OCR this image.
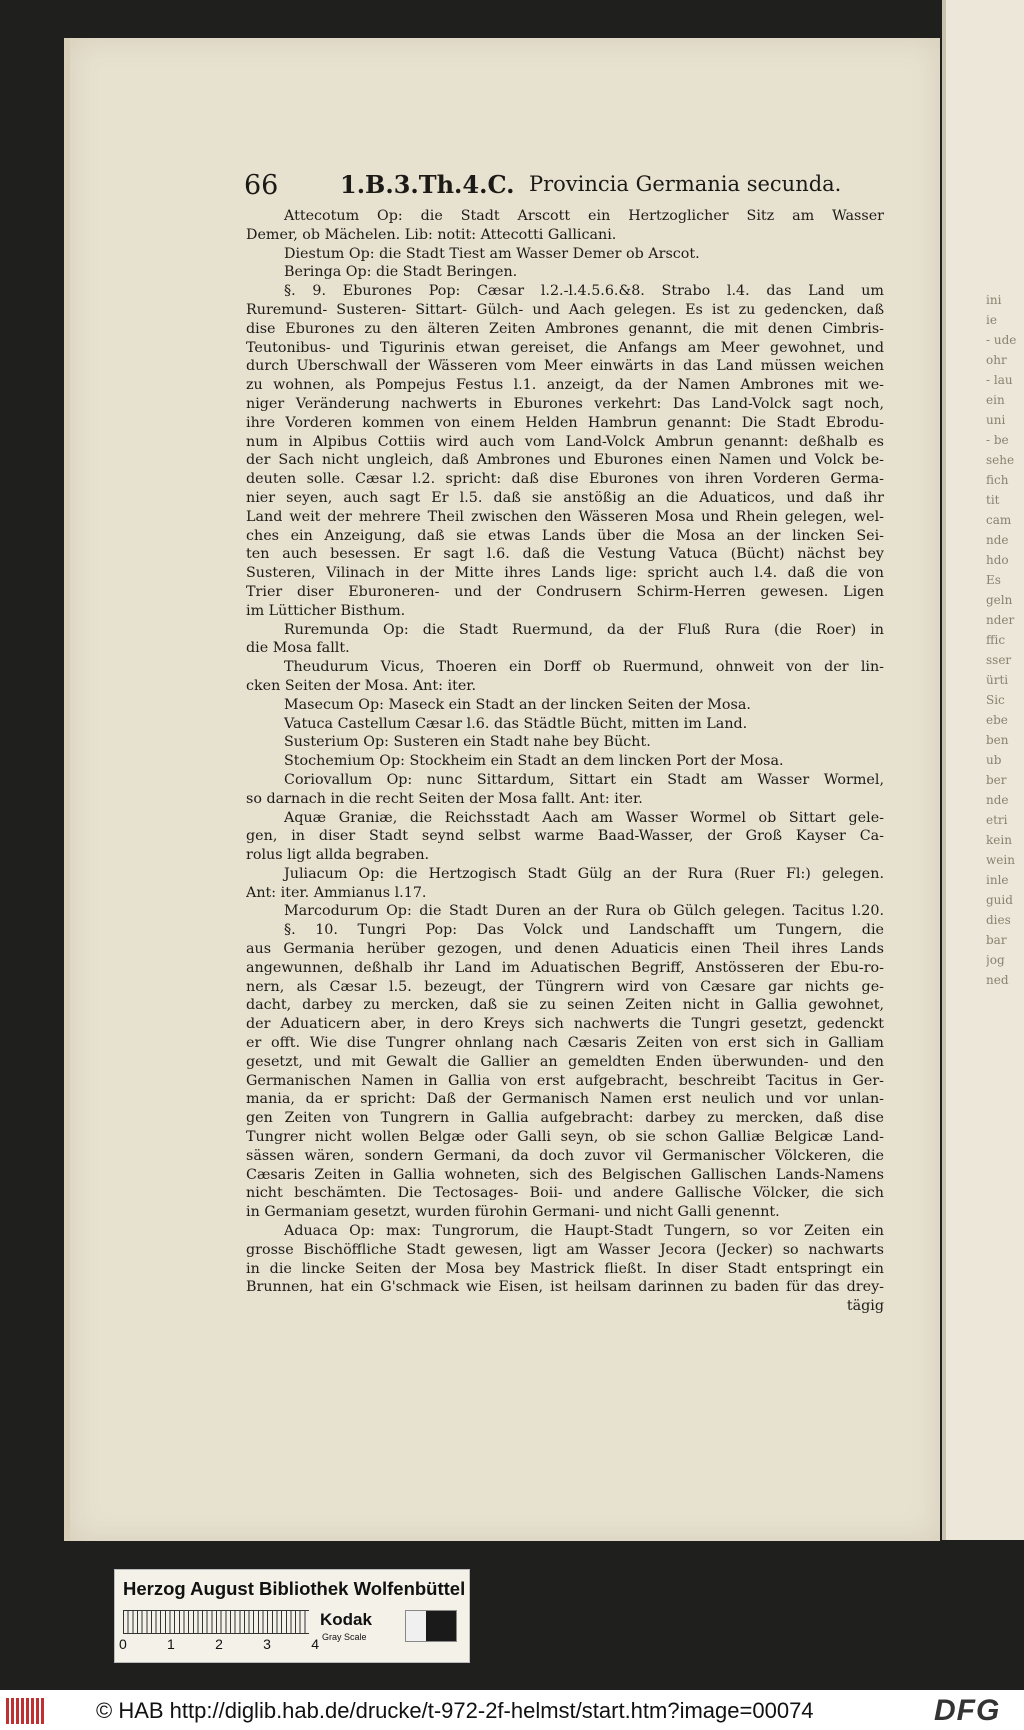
ini
ie
- ude
ohr
- lau
ein
uni
- be
sehe
fich
tit
cam
nde
hdo
Es
geln
nder
ffic
sser
ürti
Sic
ebe
ben
ub
ber
nde
etri
kein
wein
inle
guid
dies
bar
jog
ned
66	1.B.3.Th.4.C. Provincia Germania secunda.
Attecotum Op: die Stadt Arscott ein Hertzoglicher Sitz am Wasser
Demer, ob Mächelen. Lib: notit: Attecotti Gallicani.
Diestum Op: die Stadt Tiest am Wasser Demer ob Arscot.
Beringa Op: die Stadt Beringen.
§. 9. Eburones Pop: Cæsar l.2.-l.4.5.6.&8. Strabo l.4. das Land um
Ruremund- Susteren- Sittart- Gülch- und Aach gelegen. Es ist zu gedencken, daß
dise Eburones zu den älteren Zeiten Ambrones genannt, die mit denen Cimbris-
Teutonibus- und Tigurinis etwan gereiset, die Anfangs am Meer gewohnet, und
durch Uberschwall der Wässeren vom Meer einwärts in das Land müssen weichen
zu wohnen, als Pompejus Festus l.1. anzeigt, da der Namen Ambrones mit we-
niger Veränderung nachwerts in Eburones verkehrt: Das Land-Volck sagt noch,
ihre Vorderen kommen von einem Helden Hambrun genannt: Die Stadt Ebrodu-
num in Alpibus Cottiis wird auch vom Land-Volck Ambrun genannt: deßhalb es
der Sach nicht ungleich, daß Ambrones und Eburones einen Namen und Volck be-
deuten solle. Cæsar l.2. spricht: daß dise Eburones von ihren Vorderen Germa-
nier seyen, auch sagt Er l.5. daß sie anstößig an die Aduaticos, und daß ihr
Land weit der mehrere Theil zwischen den Wässeren Mosa und Rhein gelegen, wel-
ches ein Anzeigung, daß sie etwas Lands über die Mosa an der lincken Sei-
ten auch besessen. Er sagt l.6. daß die Vestung Vatuca (Bücht) nächst bey
Susteren, Vilinach in der Mitte ihres Lands lige: spricht auch l.4. daß die von
Trier diser Eburoneren- und der Condrusern Schirm-Herren gewesen. Ligen
im Lütticher Bisthum.
Ruremunda Op: die Stadt Ruermund, da der Fluß Rura (die Roer) in
die Mosa fallt.
Theudurum Vicus, Thoeren ein Dorff ob Ruermund, ohnweit von der lin-
cken Seiten der Mosa. Ant: iter.
Masecum Op: Maseck ein Stadt an der lincken Seiten der Mosa.
Vatuca Castellum Cæsar l.6. das Städtle Bücht, mitten im Land.
Susterium Op: Susteren ein Stadt nahe bey Bücht.
Stochemium Op: Stockheim ein Stadt an dem lincken Port der Mosa.
Coriovallum Op: nunc Sittardum, Sittart ein Stadt am Wasser Wormel,
so darnach in die recht Seiten der Mosa fallt. Ant: iter.
Aquæ Graniæ, die Reichsstadt Aach am Wasser Wormel ob Sittart gele-
gen, in diser Stadt seynd selbst warme Baad-Wasser, der Groß Kayser Ca-
rolus ligt allda begraben.
Juliacum Op: die Hertzogisch Stadt Gülg an der Rura (Ruer Fl:) gelegen.
Ant: iter. Ammianus l.17.
Marcodurum Op: die Stadt Duren an der Rura ob Gülch gelegen. Tacitus l.20.
§. 10. Tungri Pop: Das Volck und Landschafft um Tungern, die
aus Germania herüber gezogen, und denen Aduaticis einen Theil ihres Lands
angewunnen, deßhalb ihr Land im Aduatischen Begriff, Anstösseren der Ebu-ro-
nern, als Cæsar l.5. bezeugt, der Tüngrern wird von Cæsare gar nichts ge-
dacht, darbey zu mercken, daß sie zu seinen Zeiten nicht in Gallia gewohnet,
der Aduaticern aber, in dero Kreys sich nachwerts die Tungri gesetzt, gedenckt
er offt. Wie dise Tungrer ohnlang nach Cæsaris Zeiten von erst sich in Galliam
gesetzt, und mit Gewalt die Gallier an gemeldten Enden überwunden- und den
Germanischen Namen in Gallia von erst aufgebracht, beschreibt Tacitus in Ger-
mania, da er spricht: Daß der Germanisch Namen erst neulich und vor unlan-
gen Zeiten von Tungrern in Gallia aufgebracht: darbey zu mercken, daß dise
Tungrer nicht wollen Belgæ oder Galli seyn, ob sie schon Galliæ Belgicæ Land-
sässen wären, sondern Germani, da doch zuvor vil Germanischer Völckeren, die
Cæsaris Zeiten in Gallia wohneten, sich des Belgischen Gallischen Lands-Namens
nicht beschämten. Die Tectosages- Boii- und andere Gallische Völcker, die sich
in Germaniam gesetzt, wurden fürohin Germani- und nicht Galli genennt.
Aduaca Op: max: Tungrorum, die Haupt-Stadt Tungern, so vor Zeiten ein
grosse Bischöffliche Stadt gewesen, ligt am Wasser Jecora (Jecker) so nachwarts
in die lincke Seiten der Mosa bey Mastrick fließt. In diser Stadt entspringt ein
Brunnen, hat ein G'schmack wie Eisen, ist heilsam darinnen zu baden für das drey-
tägig
Herzog August Bibliothek Wolfenbüttel
0	1	2	3	4
Kodak
Gray Scale
© HAB http://diglib.hab.de/drucke/t-972-2f-helmst/start.htm?image=00074	DFG
